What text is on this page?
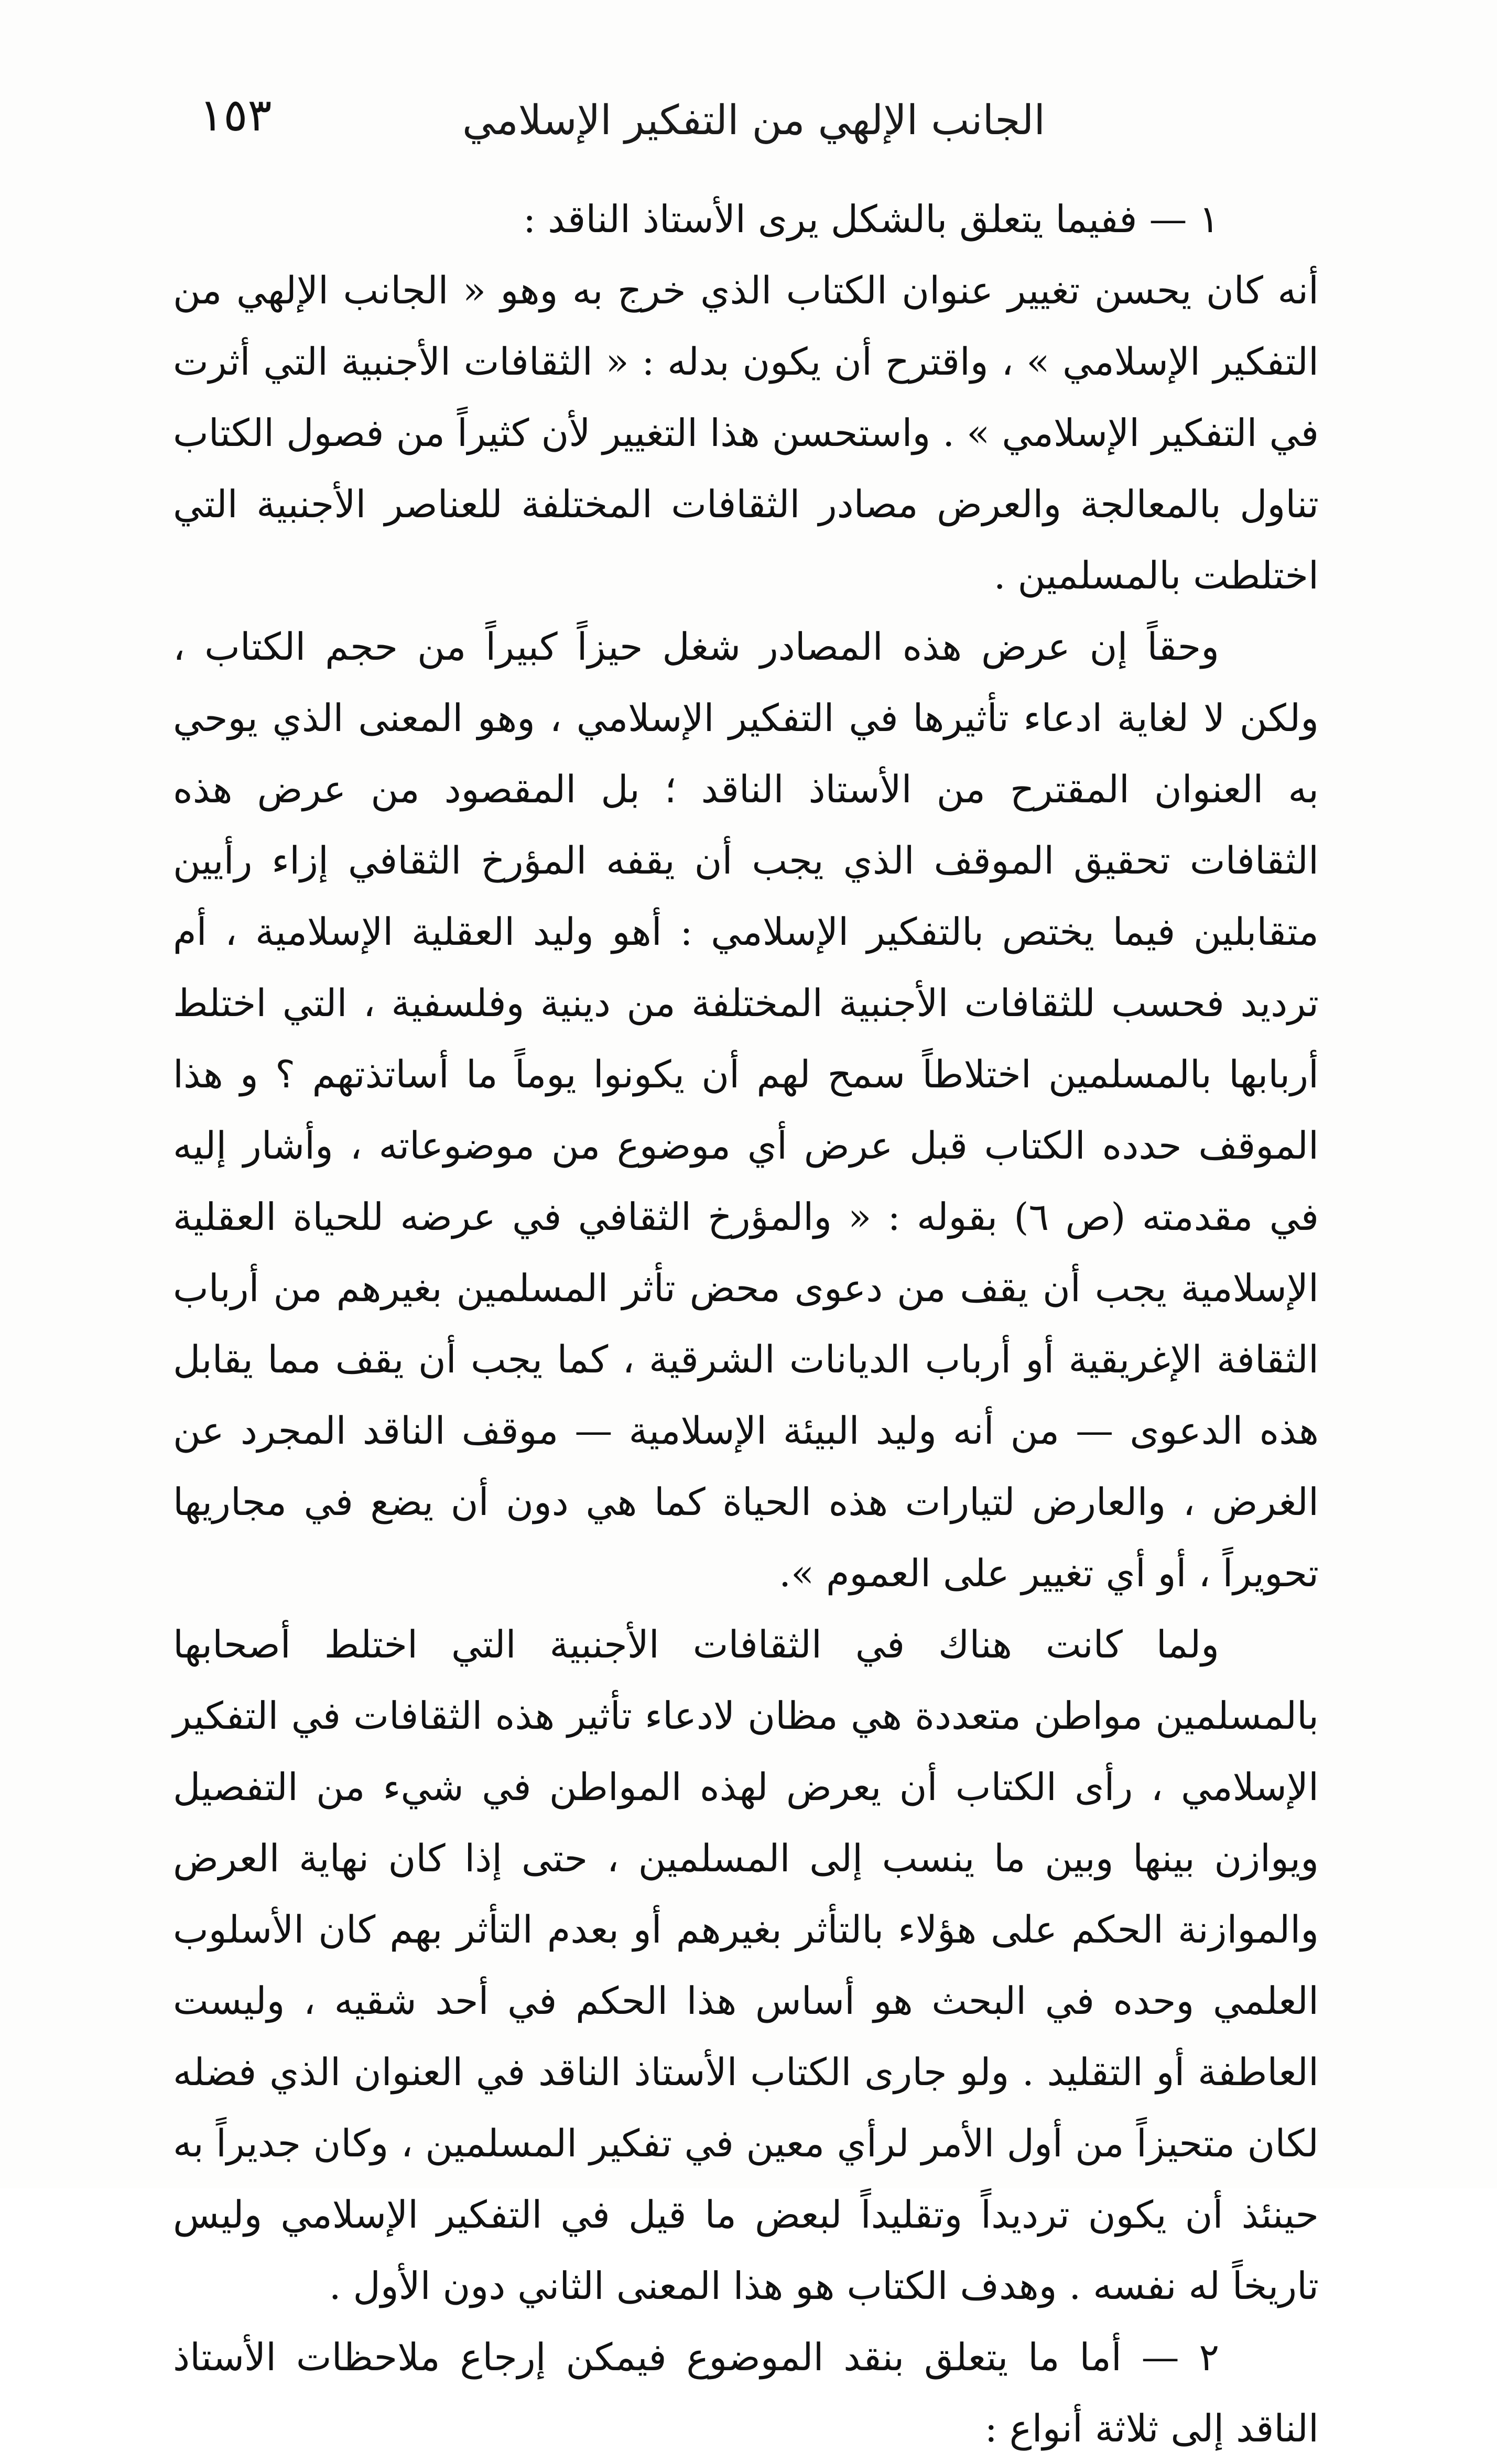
الجانب الإلهي من التفكير الإسلامي
١٥٣

١ — ففيما يتعلق بالشكل يرى الأستاذ الناقد :

أنه كان يحسن تغيير عنوان الكتاب الذي خرج به وهو « الجانب الإلهي من التفكير الإسلامي » ، واقترح أن يكون بدله : « الثقافات الأجنبية التي أثرت في التفكير الإسلامي » . واستحسن هذا التغيير لأن كثيراً من فصول الكتاب تناول بالمعالجة والعرض مصادر الثقافات المختلفة للعناصر الأجنبية التي اختلطت بالمسلمين .

وحقاً إن عرض هذه المصادر شغل حيزاً كبيراً من حجم الكتاب ، ولكن لا لغاية ادعاء تأثيرها في التفكير الإسلامي ، وهو المعنى الذي يوحي به العنوان المقترح من الأستاذ الناقد ؛ بل المقصود من عرض هذه الثقافات تحقيق الموقف الذي يجب أن يقفه المؤرخ الثقافي إزاء رأيين متقابلين فيما يختص بالتفكير الإسلامي : أهو وليد العقلية الإسلامية ، أم ترديد فحسب للثقافات الأجنبية المختلفة من دينية وفلسفية ، التي اختلط أربابها بالمسلمين اختلاطاً سمح لهم أن يكونوا يوماً ما أساتذتهم ؟ و هذا الموقف حدده الكتاب قبل عرض أي موضوع من موضوعاته ، وأشار إليه في مقدمته (ص ٦) بقوله : « والمؤرخ الثقافي في عرضه للحياة العقلية الإسلامية يجب أن يقف من دعوى محض تأثر المسلمين بغيرهم من أرباب الثقافة الإغريقية أو أرباب الديانات الشرقية ، كما يجب أن يقف مما يقابل هذه الدعوى — من أنه وليد البيئة الإسلامية — موقف الناقد المجرد عن الغرض ، والعارض لتيارات هذه الحياة كما هي دون أن يضع في مجاريها تحويراً ، أو أي تغيير على العموم ».

ولما كانت هناك في الثقافات الأجنبية التي اختلط أصحابها بالمسلمين مواطن متعددة هي مظان لادعاء تأثير هذه الثقافات في التفكير الإسلامي ، رأى الكتاب أن يعرض لهذه المواطن في شيء من التفصيل ويوازن بينها وبين ما ينسب إلى المسلمين ، حتى إذا كان نهاية العرض والموازنة الحكم على هؤلاء بالتأثر بغيرهم أو بعدم التأثر بهم كان الأسلوب العلمي وحده في البحث هو أساس هذا الحكم في أحد شقيه ، وليست العاطفة أو التقليد . ولو جارى الكتاب الأستاذ الناقد في العنوان الذي فضله لكان متحيزاً من أول الأمر لرأي معين في تفكير المسلمين ، وكان جديراً به حينئذ أن يكون ترديداً وتقليداً لبعض ما قيل في التفكير الإسلامي وليس تاريخاً له نفسه . وهدف الكتاب هو هذا المعنى الثاني دون الأول .

٢ — أما ما يتعلق بنقد الموضوع فيمكن إرجاع ملاحظات الأستاذ الناقد إلى ثلاثة أنواع :
